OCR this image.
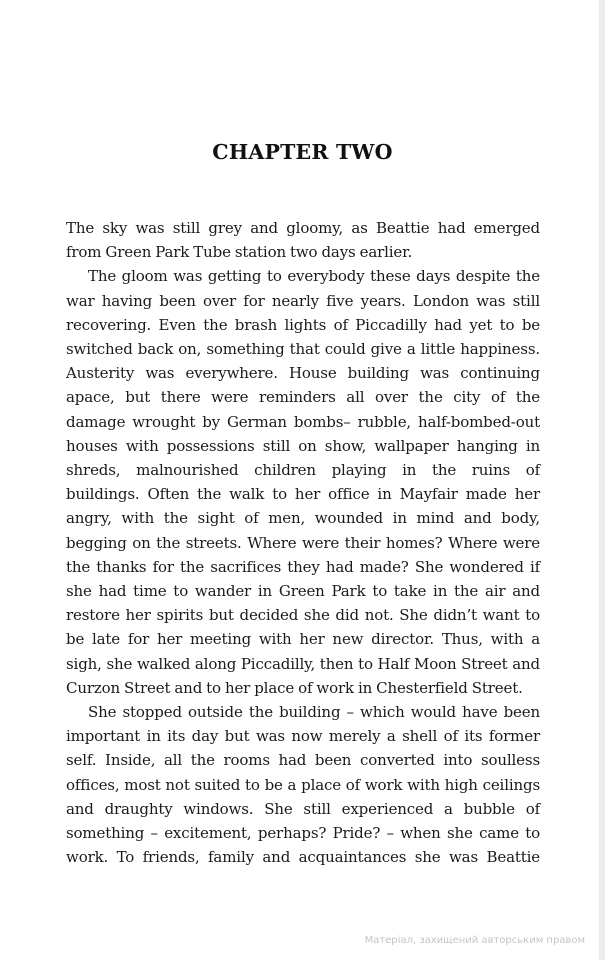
CHAPTER TWO

The sky was still grey and gloomy, as Beattie had emerged
from Green Park Tube station two days earlier.

The gloom was getting to everybody these days despite the
war having been over for nearly five years. London was still
recovering. Even the brash lights of Piccadilly had yet to be
switched back on, something that could give a little happiness.
Austerity was everywhere. House building was continuing
apace, but there were reminders all over the city of the
damage wrought by German bombs– rubble, half-bombed-out
houses with possessions still on show, wallpaper hanging in
shreds, malnourished children playing in the ruins of
buildings. Often the walk to her office in Mayfair made her
angry, with the sight of men, wounded in mind and body,
begging on the streets. Where were their homes? Where were
the thanks for the sacrifices they had made? She wondered if
she had time to wander in Green Park to take in the air and
restore her spirits but decided she did not. She didn’t want to
be late for her meeting with her new director. Thus, with a
sigh, she walked along Piccadilly, then to Half Moon Street and
Curzon Street and to her place of work in Chesterfield Street.

She stopped outside the building – which would have been
important in its day but was now merely a shell of its former
self. Inside, all the rooms had been converted into soulless
offices, most not suited to be a place of work with high ceilings
and draughty windows. She still experienced a bubble of
something – excitement, perhaps? Pride? – when she came to
work. To friends, family and acquaintances she was Beattie

Матеріал, захищений авторським правом
